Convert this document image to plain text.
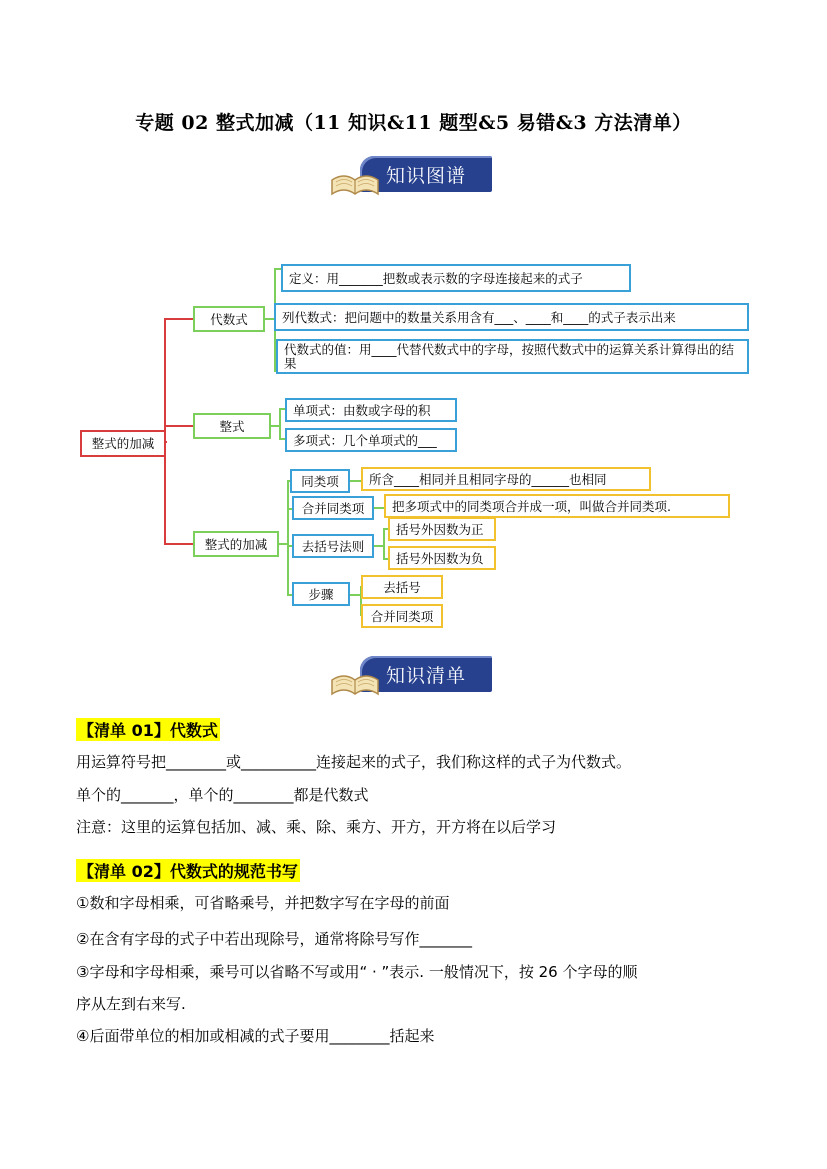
专题 02 整式加减（11 知识&11 题型&5 易错&3 方法清单）
知识图谱
整式的加减
代数式
定义：用_______把数或表示数的字母连接起来的式子
列代数式：把问题中的数量关系用含有___、____和____的式子表示出来
代数式的值：用____代替代数式中的字母，按照代数式中的运算关系计算得出的结果
整式
单项式：由数或字母的积
多项式：几个单项式的___
整式的加减
同类项	所含____相同并且相同字母的______也相同
合并同类项	把多项式中的同类项合并成一项，叫做合并同类项.
去括号法则
括号外因数为正
括号外因数为负
步骤	去括号
合并同类项
知识清单
【清单 01】代数式
用运算符号把________或__________连接起来的式子，我们称这样的式子为代数式。
单个的_______，单个的________都是代数式
注意：这里的运算包括加、减、乘、除、乘方、开方，开方将在以后学习
【清单 02】代数式的规范书写
①数和字母相乘，可省略乘号，并把数字写在字母的前面
②在含有字母的式子中若出现除号，通常将除号写作_______
③字母和字母相乘，乘号可以省略不写或用“ · ”表示. 一般情况下，按 26 个字母的顺
序从左到右来写.
④后面带单位的相加或相减的式子要用________括起来
